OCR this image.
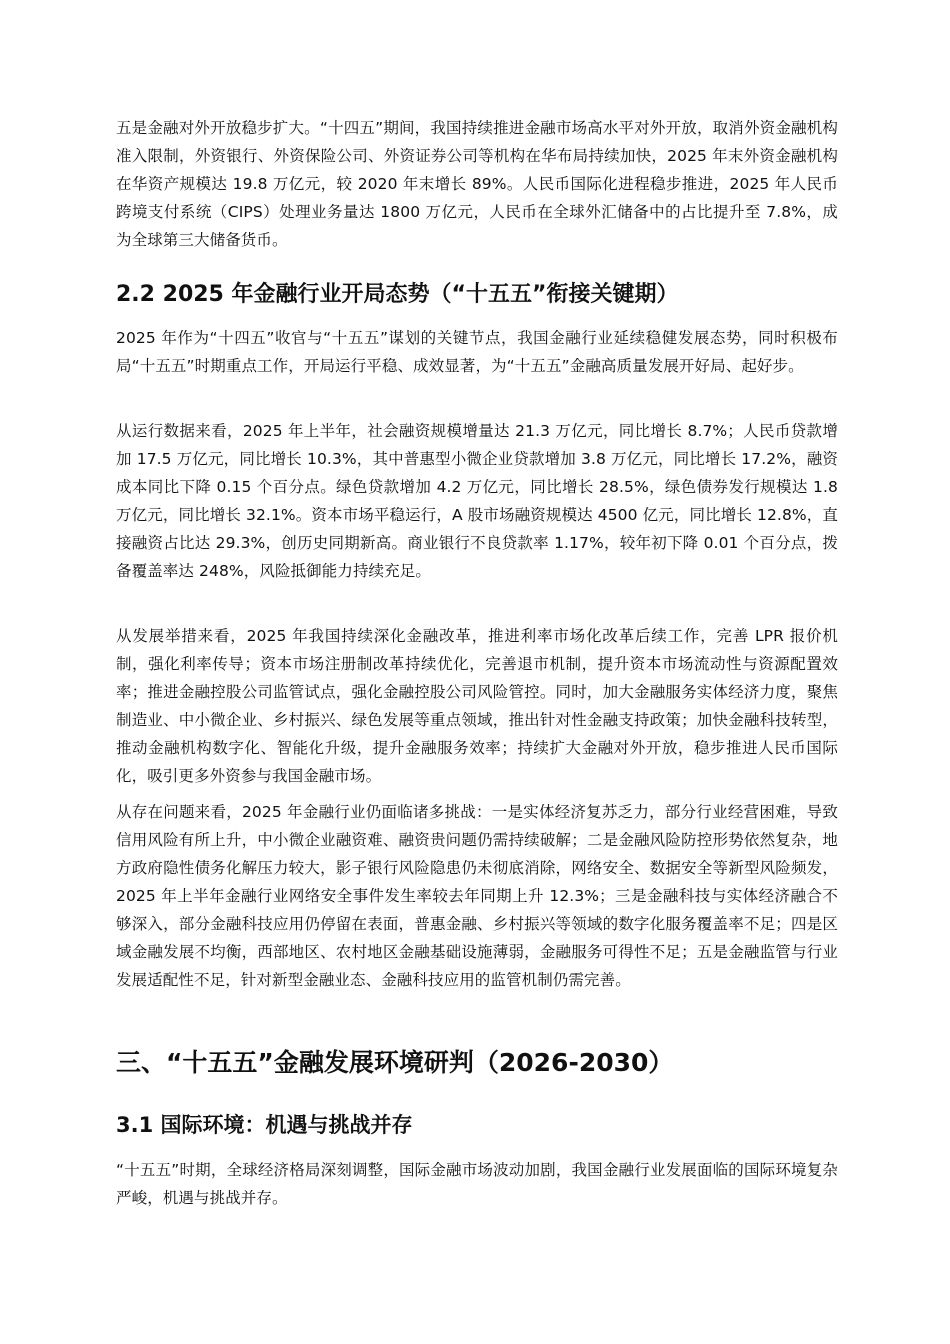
五是金融对外开放稳步扩大。“十四五”期间，我国持续推进金融市场高水平对外开放，取消外资金融机构准入限制，外资银行、外资保险公司、外资证券公司等机构在华布局持续加快，2025 年末外资金融机构在华资产规模达 19.8 万亿元，较 2020 年末增长 89%。人民币国际化进程稳步推进，2025 年人民币跨境支付系统（CIPS）处理业务量达 1800 万亿元，人民币在全球外汇储备中的占比提升至 7.8%，成为全球第三大储备货币。

2.2 2025 年金融行业开局态势（“十五五”衔接关键期）

2025 年作为“十四五”收官与“十五五”谋划的关键节点，我国金融行业延续稳健发展态势，同时积极布局“十五五”时期重点工作，开局运行平稳、成效显著，为“十五五”金融高质量发展开好局、起好步。

从运行数据来看，2025 年上半年，社会融资规模增量达 21.3 万亿元，同比增长 8.7%；人民币贷款增加 17.5 万亿元，同比增长 10.3%，其中普惠型小微企业贷款增加 3.8 万亿元，同比增长 17.2%，融资成本同比下降 0.15 个百分点。绿色贷款增加 4.2 万亿元，同比增长 28.5%，绿色债券发行规模达 1.8 万亿元，同比增长 32.1%。资本市场平稳运行，A 股市场融资规模达 4500 亿元，同比增长 12.8%，直接融资占比达 29.3%，创历史同期新高。商业银行不良贷款率 1.17%，较年初下降 0.01 个百分点，拨备覆盖率达 248%，风险抵御能力持续充足。

从发展举措来看，2025 年我国持续深化金融改革，推进利率市场化改革后续工作，完善 LPR 报价机制，强化利率传导；资本市场注册制改革持续优化，完善退市机制，提升资本市场流动性与资源配置效率；推进金融控股公司监管试点，强化金融控股公司风险管控。同时，加大金融服务实体经济力度，聚焦制造业、中小微企业、乡村振兴、绿色发展等重点领域，推出针对性金融支持政策；加快金融科技转型，推动金融机构数字化、智能化升级，提升金融服务效率；持续扩大金融对外开放，稳步推进人民币国际化，吸引更多外资参与我国金融市场。

从存在问题来看，2025 年金融行业仍面临诸多挑战：一是实体经济复苏乏力，部分行业经营困难，导致信用风险有所上升，中小微企业融资难、融资贵问题仍需持续破解；二是金融风险防控形势依然复杂，地方政府隐性债务化解压力较大，影子银行风险隐患仍未彻底消除，网络安全、数据安全等新型风险频发，2025 年上半年金融行业网络安全事件发生率较去年同期上升 12.3%；三是金融科技与实体经济融合不够深入，部分金融科技应用仍停留在表面，普惠金融、乡村振兴等领域的数字化服务覆盖率不足；四是区域金融发展不均衡，西部地区、农村地区金融基础设施薄弱，金融服务可得性不足；五是金融监管与行业发展适配性不足，针对新型金融业态、金融科技应用的监管机制仍需完善。

三、“十五五”金融发展环境研判（2026-2030）
3.1 国际环境：机遇与挑战并存

“十五五”时期，全球经济格局深刻调整，国际金融市场波动加剧，我国金融行业发展面临的国际环境复杂严峻，机遇与挑战并存。
